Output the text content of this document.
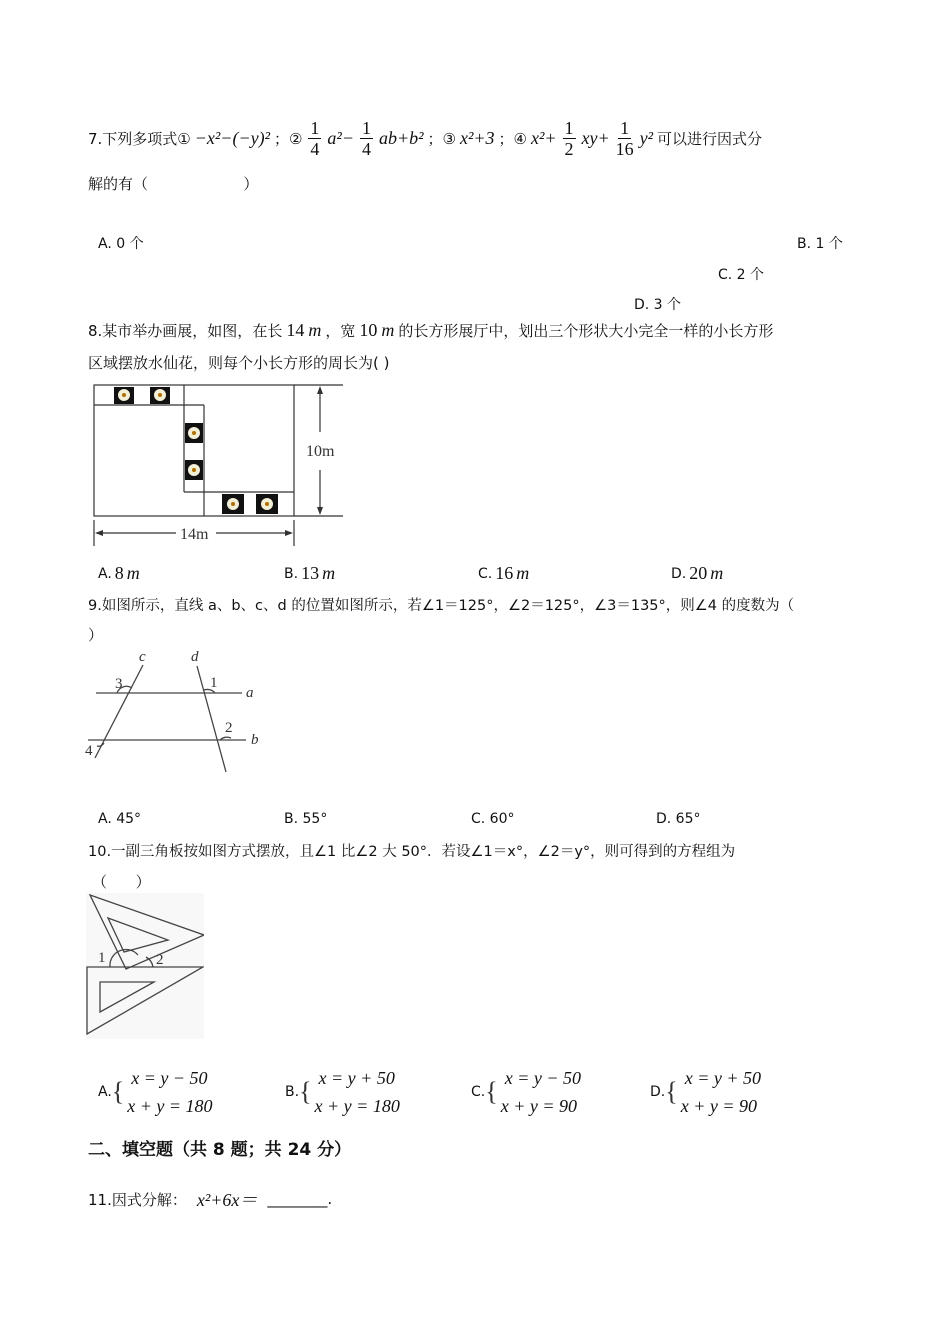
7.下列多项式① −x²−(−y)² ；② $\frac{1}{4} a^2- \frac{1}{4} ab+b^2$ ；③ x²+3 ；④ $x^2+ \frac{1}{2} xy+ \frac{1}{16} y^2$ 可以进行因式分
解的有（                    ）
A. 0 个	B. 1 个
C. 2 个
D. 3 个
8.某市举办画展，如图，在长 14 m ，宽 10 m 的长方形展厅中，划出三个形状大小完全一样的小长方形
区域摆放水仙花，则每个小长方形的周长为( )
10m
14m
A. 8 m	B. 13 m	C. 16 m	D. 20 m
9.如图所示，直线 a、b、c、d 的位置如图所示，若∠1＝125°，∠2＝125°，∠3＝135°，则∠4 的度数为（
）
c	d
a
b
1
2
3
4
A. 45°	B. 55°	C. 60°	D. 65°
10.一副三角板按如图方式摆放，且∠1 比∠2 大 50°．若设∠1＝x°，∠2＝y°，则可得到的方程组为
（      ）
1	2
A. { x = y − 50
x + y = 180
B. { x = y + 50
x + y = 180
C. { x = y − 50
x + y = 90
D. { x = y + 50
x + y = 90
二、填空题（共 8 题；共 24 分）
11.因式分解： x²+6x＝ ________.
